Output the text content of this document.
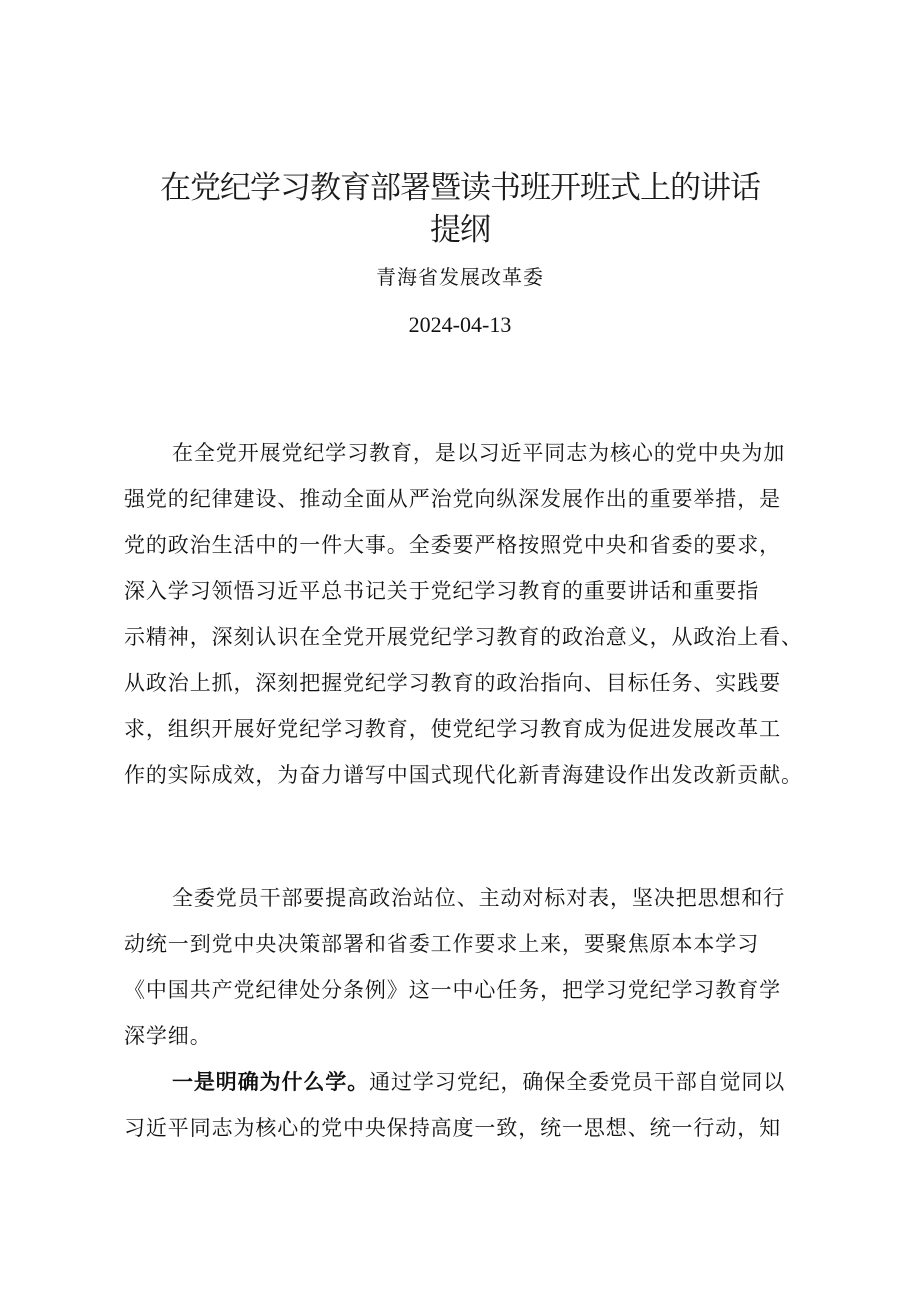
在党纪学习教育部署暨读书班开班式上的讲话
提纲
青海省发展改革委
2024-04-13
在全党开展党纪学习教育，是以习近平同志为核心的党中央为加
强党的纪律建设、推动全面从严治党向纵深发展作出的重要举措，是
党的政治生活中的一件大事。全委要严格按照党中央和省委的要求，
深入学习领悟习近平总书记关于党纪学习教育的重要讲话和重要指
示精神，深刻认识在全党开展党纪学习教育的政治意义，从政治上看、
从政治上抓，深刻把握党纪学习教育的政治指向、目标任务、实践要
求，组织开展好党纪学习教育，使党纪学习教育成为促进发展改革工
作的实际成效，为奋力谱写中国式现代化新青海建设作出发改新贡献。
全委党员干部要提高政治站位、主动对标对表，坚决把思想和行
动统一到党中央决策部署和省委工作要求上来，要聚焦原本本学习
《中国共产党纪律处分条例》这一中心任务，把学习党纪学习教育学
深学细。
一是明确为什么学。通过学习党纪，确保全委党员干部自觉同以
习近平同志为核心的党中央保持高度一致，统一思想、统一行动，知
